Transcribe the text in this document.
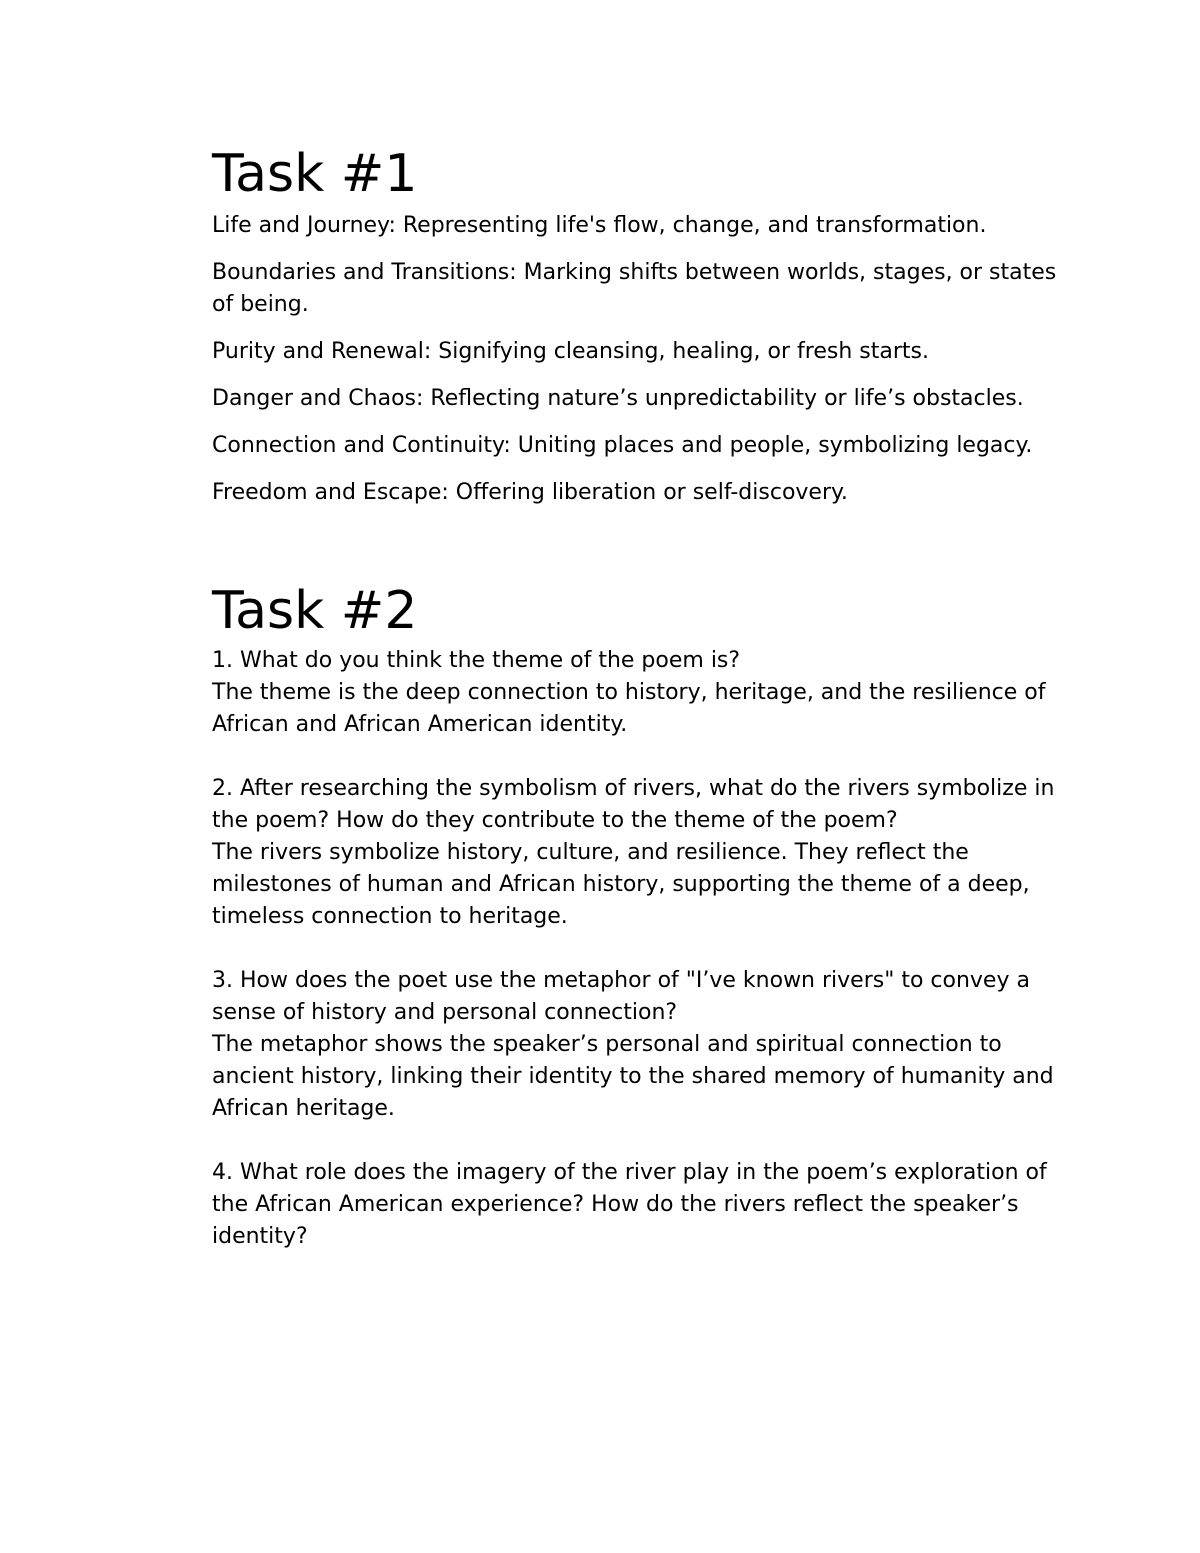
Task #1

Life and Journey: Representing life's flow, change, and transformation.

Boundaries and Transitions: Marking shifts between worlds, stages, or states of being.

Purity and Renewal: Signifying cleansing, healing, or fresh starts.

Danger and Chaos: Reflecting nature’s unpredictability or life’s obstacles.

Connection and Continuity: Uniting places and people, symbolizing legacy.

Freedom and Escape: Offering liberation or self-discovery.

Task #2

1. What do you think the theme of the poem is?

The theme is the deep connection to history, heritage, and the resilience of African and African American identity.

2. After researching the symbolism of rivers, what do the rivers symbolize in the poem? How do they contribute to the theme of the poem?

The rivers symbolize history, culture, and resilience. They reflect the milestones of human and African history, supporting the theme of a deep, timeless connection to heritage.

3. How does the poet use the metaphor of "I’ve known rivers" to convey a sense of history and personal connection?

The metaphor shows the speaker’s personal and spiritual connection to ancient history, linking their identity to the shared memory of humanity and African heritage.

4. What role does the imagery of the river play in the poem’s exploration of the African American experience? How do the rivers reflect the speaker’s identity?
